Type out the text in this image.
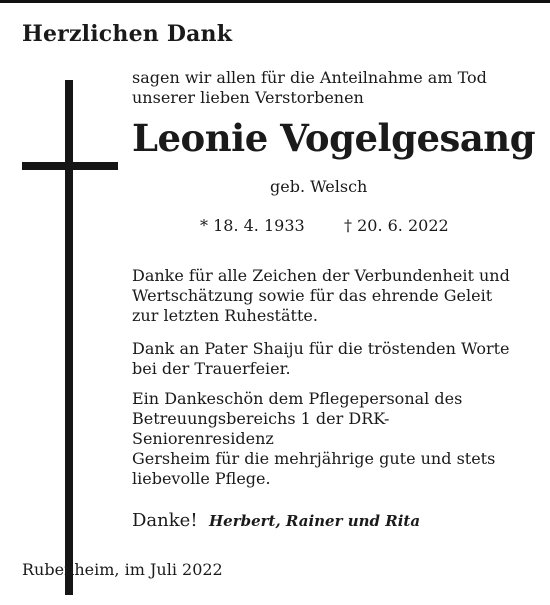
Herzlichen Dank
sagen wir allen für die Anteilnahme am Tod
unserer lieben Verstorbenen
Leonie Vogelgesang
geb. Welsch
* 18. 4. 1933 † 20. 6. 2022
Danke für alle Zeichen der Verbundenheit und
Wertschätzung sowie für das ehrende Geleit
zur letzten Ruhestätte.
Dank an Pater Shaiju für die tröstenden Worte
bei der Trauerfeier.
Ein Dankeschön dem Pflegepersonal des
Betreuungsbereichs 1 der DRK- Seniorenresidenz
Gersheim für die mehrjährige gute und stets
liebevolle Pflege.
Danke! Herbert, Rainer und Rita
Rubenheim, im Juli 2022
